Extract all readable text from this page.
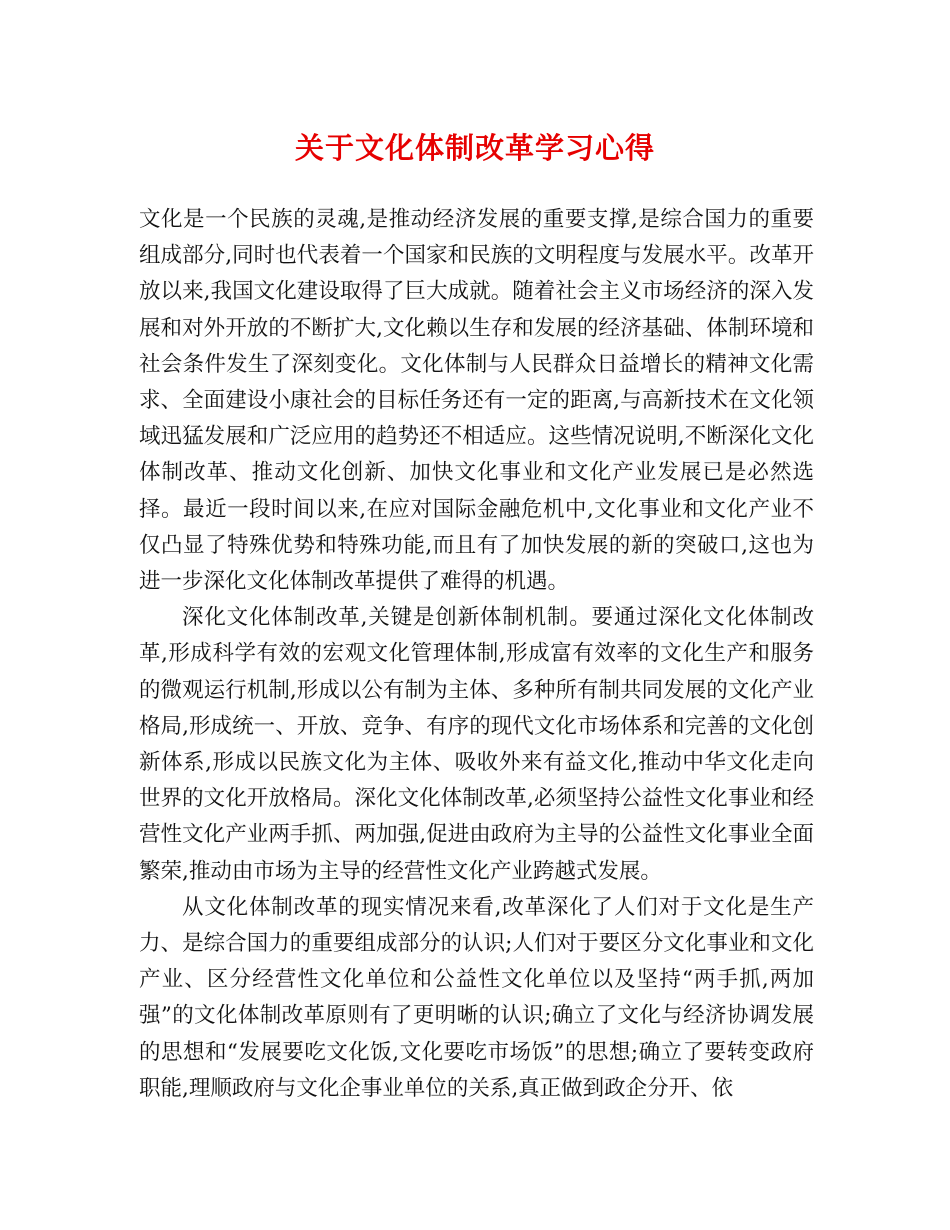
关于文化体制改革学习心得

文化是一个民族的灵魂,是推动经济发展的重要支撑,是综合国力的重要组成部分,同时也代表着一个国家和民族的文明程度与发展水平。改革开放以来,我国文化建设取得了巨大成就。随着社会主义市场经济的深入发展和对外开放的不断扩大,文化赖以生存和发展的经济基础、体制环境和社会条件发生了深刻变化。文化体制与人民群众日益增长的精神文化需求、全面建设小康社会的目标任务还有一定的距离,与高新技术在文化领域迅猛发展和广泛应用的趋势还不相适应。这些情况说明,不断深化文化体制改革、推动文化创新、加快文化事业和文化产业发展已是必然选择。最近一段时间以来,在应对国际金融危机中,文化事业和文化产业不仅凸显了特殊优势和特殊功能,而且有了加快发展的新的突破口,这也为进一步深化文化体制改革提供了难得的机遇。

深化文化体制改革,关键是创新体制机制。要通过深化文化体制改革,形成科学有效的宏观文化管理体制,形成富有效率的文化生产和服务的微观运行机制,形成以公有制为主体、多种所有制共同发展的文化产业格局,形成统一、开放、竞争、有序的现代文化市场体系和完善的文化创新体系,形成以民族文化为主体、吸收外来有益文化,推动中华文化走向世界的文化开放格局。深化文化体制改革,必须坚持公益性文化事业和经营性文化产业两手抓、两加强,促进由政府为主导的公益性文化事业全面繁荣,推动由市场为主导的经营性文化产业跨越式发展。

从文化体制改革的现实情况来看,改革深化了人们对于文化是生产力、是综合国力的重要组成部分的认识;人们对于要区分文化事业和文化产业、区分经营性文化单位和公益性文化单位以及坚持“两手抓,两加强”的文化体制改革原则有了更明晰的认识;确立了文化与经济协调发展的思想和“发展要吃文化饭,文化要吃市场饭”的思想;确立了要转变政府职能,理顺政府与文化企事业单位的关系,真正做到政企分开、依
